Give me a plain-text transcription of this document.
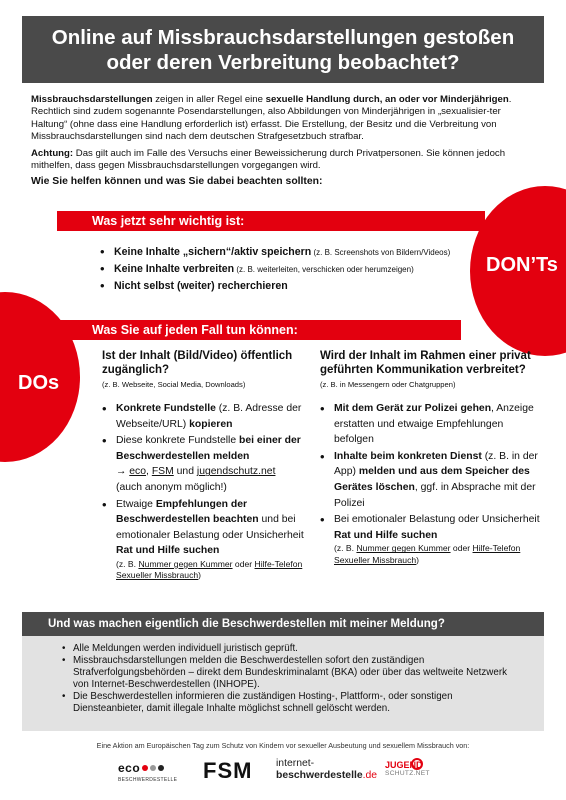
Online auf Missbrauchsdarstellungen gestoßen
oder deren Verbreitung beobachtet?

Missbrauchsdarstellungen zeigen in aller Regel eine sexuelle Handlung durch, an oder vor Minderjährigen. Rechtlich sind zudem sogenannte Posendarstellungen, also Abbildungen von Minderjährigen in „sexualisier-ter Haltung“ (ohne dass eine Handlung erforderlich ist) erfasst. Die Erstellung, der Besitz und die Verbreitung von Missbrauchsdarstellungen sind nach dem deutschen Strafgesetzbuch strafbar.

Achtung: Das gilt auch im Falle des Versuchs einer Beweissicherung durch Privatpersonen. Sie können jedoch mithelfen, dass gegen Missbrauchsdarstellungen vorgegangen wird.

Wie Sie helfen können und was Sie dabei beachten sollten:

Was jetzt sehr wichtig ist:
DON’Ts
• Keine Inhalte „sichern“/aktiv speichern (z. B. Screenshots von Bildern/Videos)
• Keine Inhalte verbreiten (z. B. weiterleiten, verschicken oder herumzeigen)
• Nicht selbst (weiter) recherchieren
Was Sie auf jeden Fall tun können:
DOs
Ist der Inhalt (Bild/Video) öffentlich zugänglich?
(z. B. Webseite, Social Media, Downloads)
• Konkrete Fundstelle (z. B. Adresse der Webseite/URL) kopieren
• Diese konkrete Fundstelle bei einer der Beschwerdestellen melden
→ eco, FSM und jugendschutz.net
(auch anonym möglich!)
• Etwaige Empfehlungen der Beschwerdestellen beachten und bei emotionaler Belastung oder Unsicherheit Rat und Hilfe suchen
(z. B. Nummer gegen Kummer oder Hilfe-Telefon Sexueller Missbrauch)
Wird der Inhalt im Rahmen einer privat geführten Kommunikation verbreitet?
(z. B. in Messengern oder Chatgruppen)
• Mit dem Gerät zur Polizei gehen, Anzeige erstatten und etwaige Empfehlungen befolgen
• Inhalte beim konkreten Dienst (z. B. in der App) melden und aus dem Speicher des Gerätes löschen, ggf. in Absprache mit der Polizei
• Bei emotionaler Belastung oder Unsicherheit Rat und Hilfe suchen
(z. B. Nummer gegen Kummer oder Hilfe-Telefon Sexueller Missbrauch)
Und was machen eigentlich die Beschwerdestellen mit meiner Meldung?
• Alle Meldungen werden individuell juristisch geprüft.
• Missbrauchsdarstellungen melden die Beschwerdestellen sofort den zuständigen Strafverfolgungsbehörden – direkt dem Bundeskriminalamt (BKA) oder über das weltweite Netzwerk von Internet-Beschwerdestellen (INHOPE).
• Die Beschwerdestellen informieren die zuständigen Hosting-, Plattform-, oder sonstigen Diensteanbieter, damit illegale Inhalte möglichst schnell gelöscht werden.
Eine Aktion am Europäischen Tag zum Schutz von Kindern vor sexueller Ausbeutung und sexuellem Missbrauch von:
eco
BESCHWERDESTELLE FSM internet-
beschwerdestelle.de
JUGEND
SCHUTZ.NET
